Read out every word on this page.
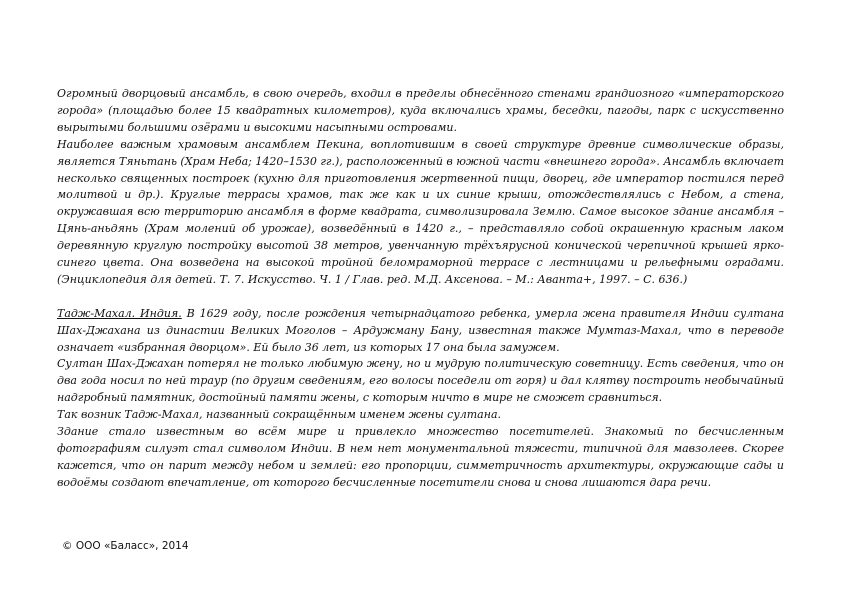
Огромный дворцовый ансамбль, в свою очередь, входил в пределы обнесённого стенами грандиозного «императорского города» (площадью более 15 квадратных километров), куда включались храмы, беседки, пагоды, парк с искусственно вырытыми большими озёрами и высокими насыпными островами.

Наиболее важным храмовым ансамблем Пекина, воплотившим в своей структуре древние символические образы, является Тяньтань (Храм Неба; 1420–1530 гг.), расположенный в южной части «внешнего города». Ансамбль включает несколько священных построек (кухню для приготовления жертвенной пищи, дворец, где император постился перед молитвой и др.). Круглые террасы храмов, так же как и их синие крыши, отождествлялись с Небом, а стена, окружавшая всю территорию ансамбля в форме квадрата, символизировала Землю. Самое высокое здание ансамбля – Цянь-аньдянь (Храм молений об урожае), возведённый в 1420 г., – представляло собой окрашенную красным лаком деревянную круглую постройку высотой 38 метров, увенчанную трёхъярусной конической черепичной крышей ярко-синего цвета. Она возведена на высокой тройной беломраморной террасе с лестницами и рельефными оградами. (Энциклопедия для детей. Т. 7. Искусство. Ч. 1 / Глав. ред. М.Д. Аксенова. – М.: Аванта+, 1997. – С. 636.)

Тадж-Махал. Индия. В 1629 году, после рождения четырнадцатого ребенка, умерла жена правителя Индии султана Шах-Джахана из династии Великих Моголов – Ардужману Бану, известная также Мумтаз-Махал, что в переводе означает «избранная дворцом». Ей было 36 лет, из которых 17 она была замужем.

Султан Шах-Джахан потерял не только любимую жену, но и мудрую политическую советницу. Есть сведения, что он два года носил по ней траур (по другим сведениям, его волосы поседели от горя) и дал клятву построить необычайный надгробный памятник, достойный памяти жены, с которым ничто в мире не сможет сравниться.

Так возник Тадж-Махал, названный сокращённым именем жены султана.

Здание стало известным во всём мире и привлекло множество посетителей. Знакомый по бесчисленным фотографиям силуэт стал символом Индии. В нем нет монументальной тяжести, типичной для мавзолеев. Скорее кажется, что он парит между небом и землей: его пропорции, симметричность архитектуры, окружающие сады и водоёмы создают впечатление, от которого бесчисленные посетители снова и снова лишаются дара речи.

© ООО «Баласс», 2014
